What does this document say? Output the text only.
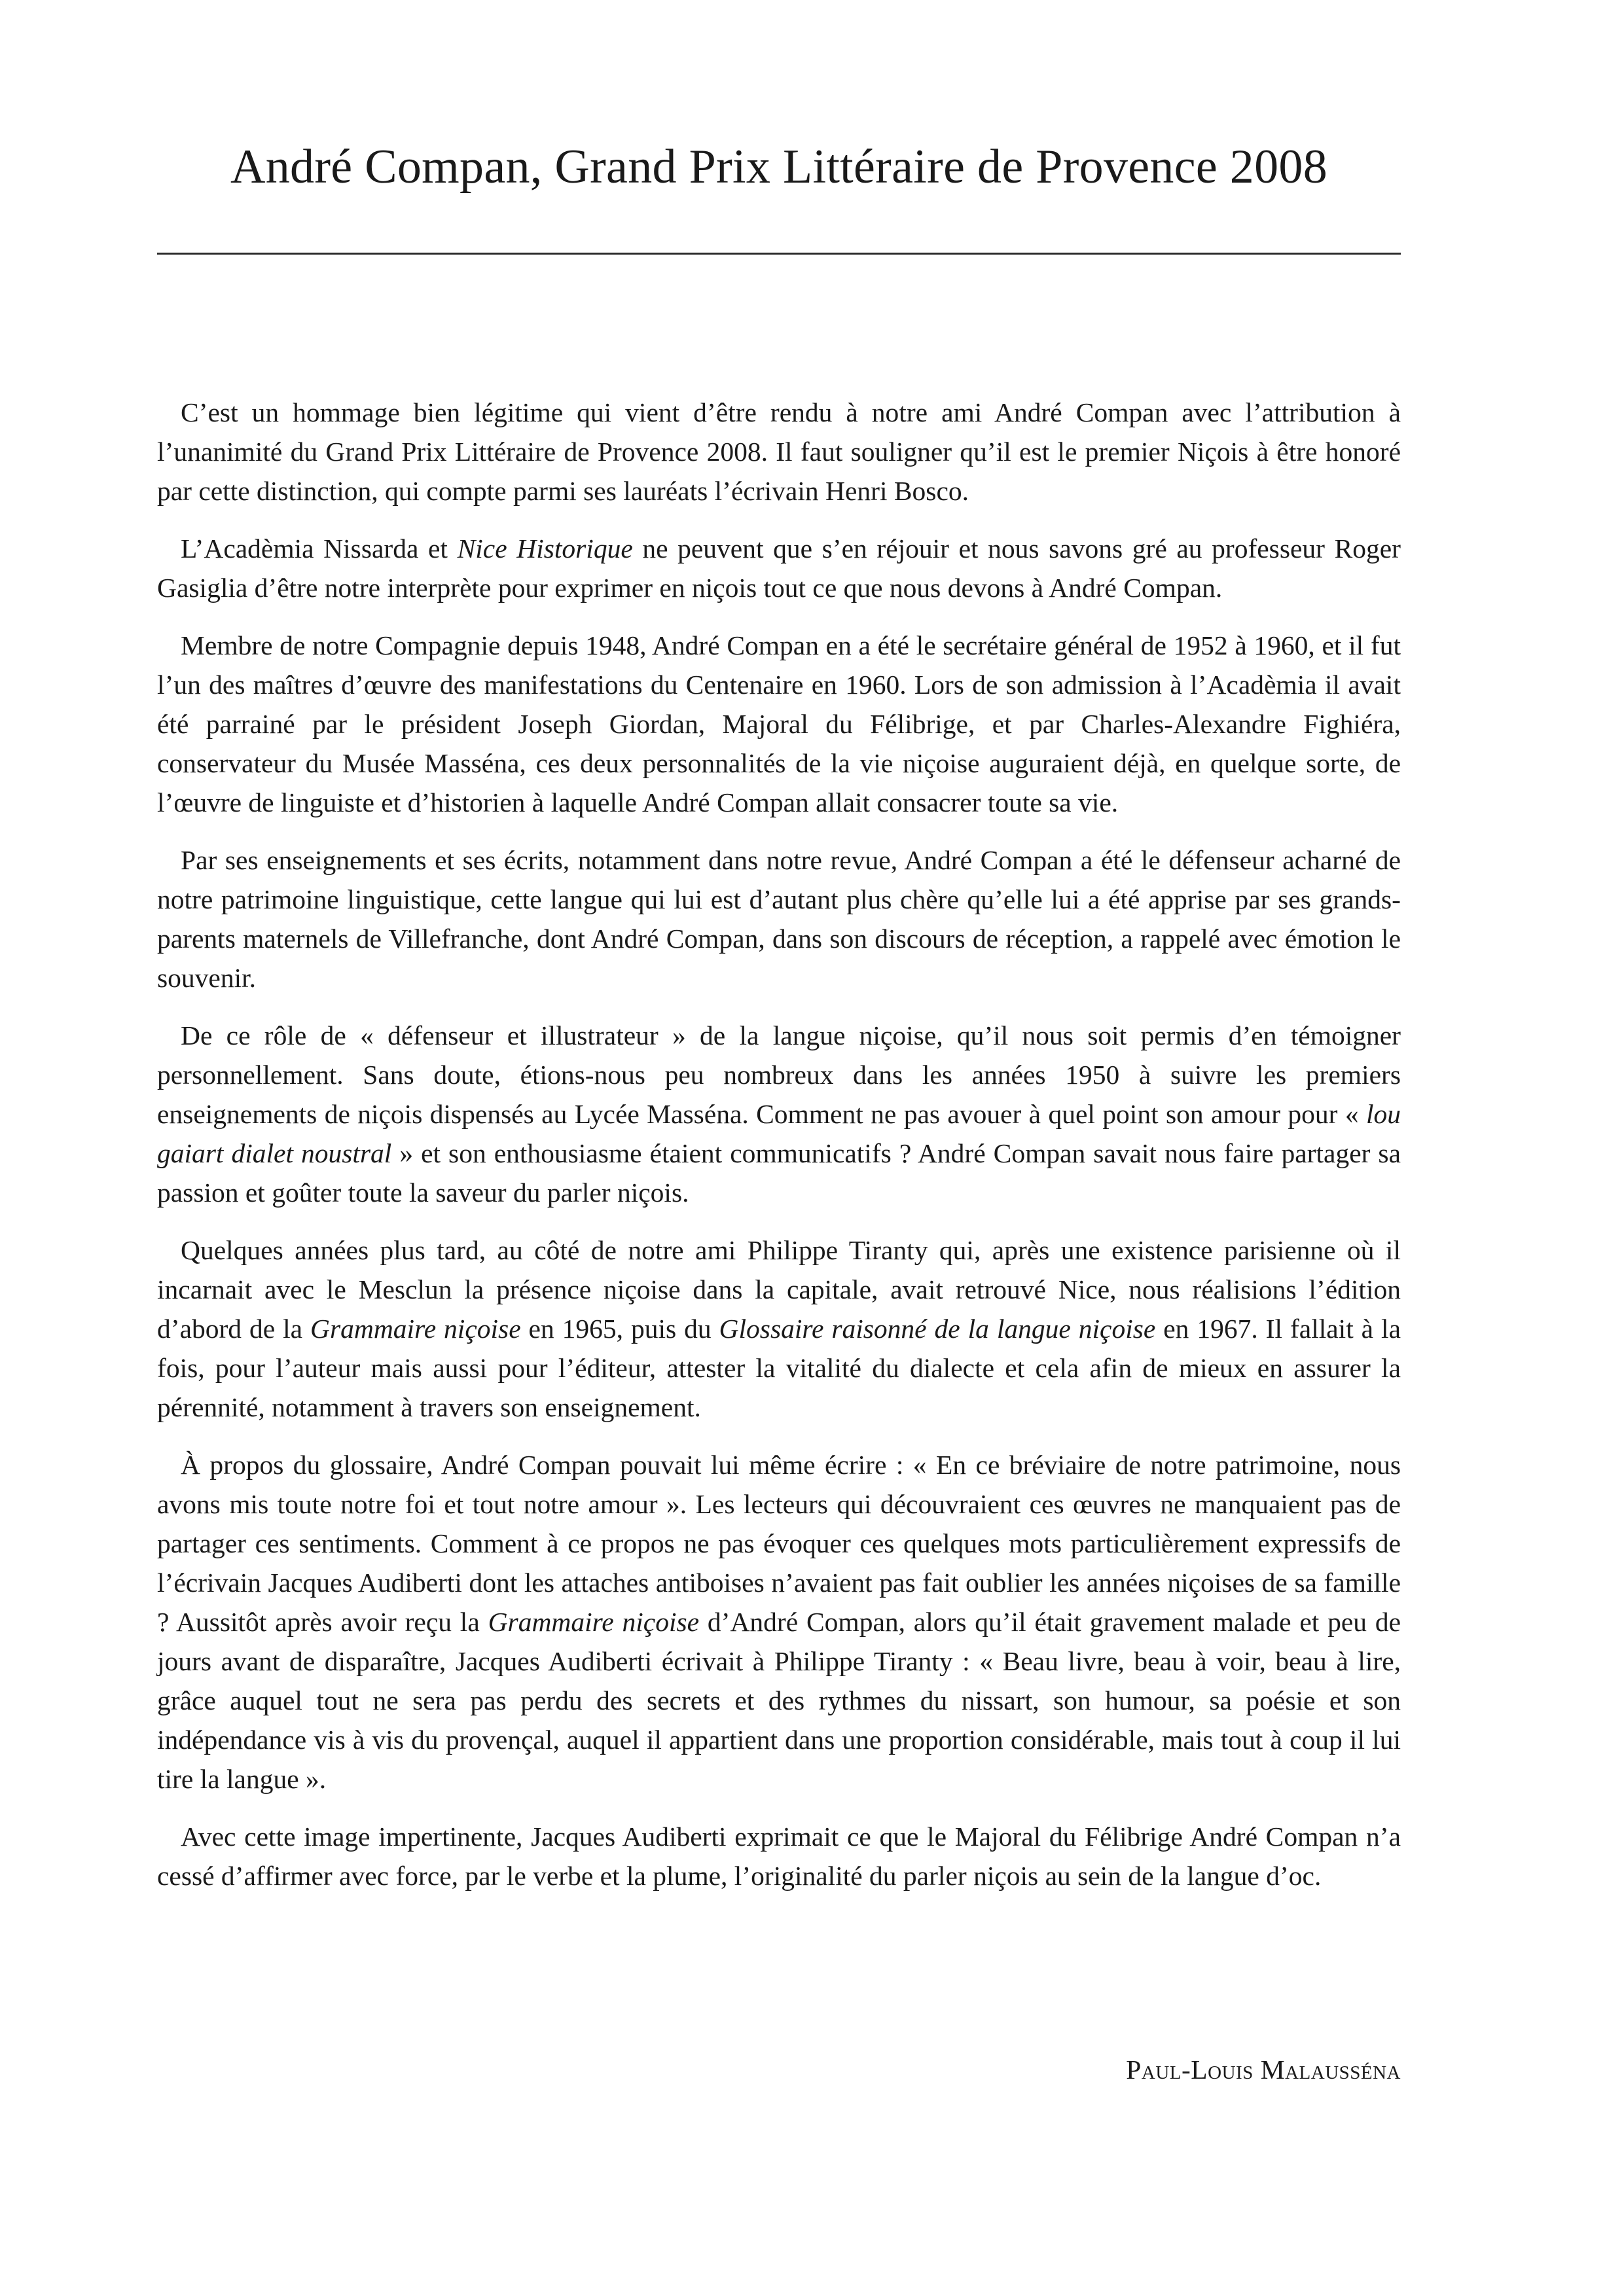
André Compan, Grand Prix Littéraire de Provence 2008

C’est un hommage bien légitime qui vient d’être rendu à notre ami André Compan avec l’attribution à l’unanimité du Grand Prix Littéraire de Provence 2008. Il faut souligner qu’il est le premier Niçois à être honoré par cette distinction, qui compte parmi ses lauréats l’écrivain Henri Bosco.

L’Acadèmia Nissarda et Nice Historique ne peuvent que s’en réjouir et nous savons gré au professeur Roger Gasiglia d’être notre interprète pour exprimer en niçois tout ce que nous devons à André Compan.

Membre de notre Compagnie depuis 1948, André Compan en a été le secrétaire général de 1952 à 1960, et il fut l’un des maîtres d’œuvre des manifestations du Centenaire en 1960. Lors de son admission à l’Acadèmia il avait été parrainé par le président Joseph Giordan, Majoral du Félibrige, et par Charles-Alexandre Fighiéra, conservateur du Musée Masséna, ces deux personnalités de la vie niçoise auguraient déjà, en quelque sorte, de l’œuvre de linguiste et d’historien à laquelle André Compan allait consacrer toute sa vie.

Par ses enseignements et ses écrits, notamment dans notre revue, André Compan a été le défenseur acharné de notre patrimoine linguistique, cette langue qui lui est d’autant plus chère qu’elle lui a été apprise par ses grands-parents maternels de Villefranche, dont André Compan, dans son discours de réception, a rappelé avec émotion le souvenir.

De ce rôle de « défenseur et illustrateur » de la langue niçoise, qu’il nous soit permis d’en témoigner personnellement. Sans doute, étions-nous peu nombreux dans les années 1950 à suivre les premiers enseignements de niçois dispensés au Lycée Masséna. Comment ne pas avouer à quel point son amour pour « lou gaiart dialet noustral » et son enthousiasme étaient communicatifs ? André Compan savait nous faire partager sa passion et goûter toute la saveur du parler niçois.

Quelques années plus tard, au côté de notre ami Philippe Tiranty qui, après une existence parisienne où il incarnait avec le Mesclun la présence niçoise dans la capitale, avait retrouvé Nice, nous réalisions l’édition d’abord de la Grammaire niçoise en 1965, puis du Glossaire raisonné de la langue niçoise en 1967. Il fallait à la fois, pour l’auteur mais aussi pour l’éditeur, attester la vitalité du dialecte et cela afin de mieux en assurer la pérennité, notamment à travers son enseignement.

À propos du glossaire, André Compan pouvait lui même écrire : « En ce bréviaire de notre patrimoine, nous avons mis toute notre foi et tout notre amour ». Les lecteurs qui découvraient ces œuvres ne manquaient pas de partager ces sentiments. Comment à ce propos ne pas évoquer ces quelques mots particulièrement expressifs de l’écrivain Jacques Audiberti dont les attaches antiboises n’avaient pas fait oublier les années niçoises de sa famille ? Aussitôt après avoir reçu la Grammaire niçoise d’André Compan, alors qu’il était gravement malade et peu de jours avant de disparaître, Jacques Audiberti écrivait à Philippe Tiranty : « Beau livre, beau à voir, beau à lire, grâce auquel tout ne sera pas perdu des secrets et des rythmes du nissart, son humour, sa poésie et son indépendance vis à vis du provençal, auquel il appartient dans une proportion considérable, mais tout à coup il lui tire la langue ».

Avec cette image impertinente, Jacques Audiberti exprimait ce que le Majoral du Félibrige André Compan n’a cessé d’affirmer avec force, par le verbe et la plume, l’originalité du parler niçois au sein de la langue d’oc.

Paul-Louis Malausséna
